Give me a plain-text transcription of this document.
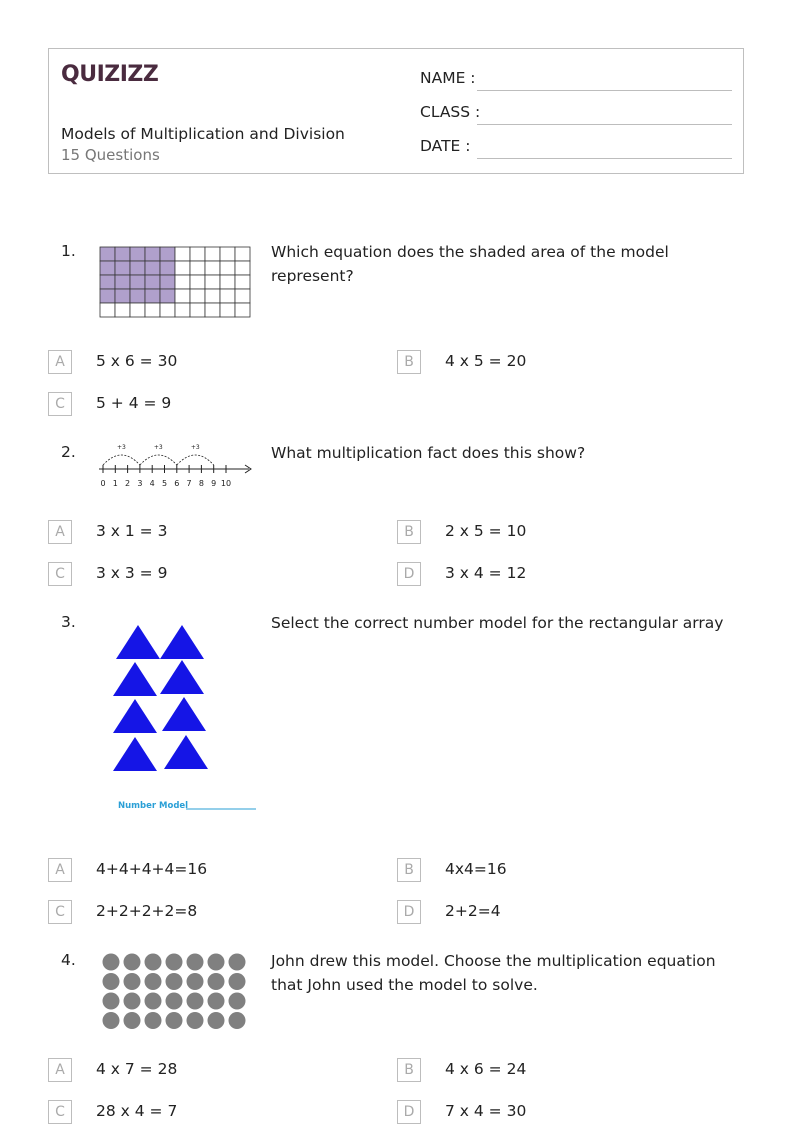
QUIZIZZ
Models of Multiplication and Division
15 Questions
NAME :
CLASS :
DATE :
1.	Which equation does the shaded area of the model represent?
A	5 x 6 = 30	B	4 x 5 = 20
C	5 + 4 = 9
2.
0 1 2 3 4 5 6 7 8 9 10
+3	+3	+3	What multiplication fact does this show?
A	3 x 1 = 3	B	2 x 5 = 10
C	3 x 3 = 9	D	3 x 4 = 12
3.
Number Model
Select the correct number model for the rectangular array
A	4+4+4+4=16	B	4x4=16
C	2+2+2+2=8	D	2+2=4
4.	John drew this model. Choose the multiplication equation that John used the model to solve.
A	4 x 7 = 28	B	4 x 6 = 24
C	28 x 4 = 7	D	7 x 4 = 30
